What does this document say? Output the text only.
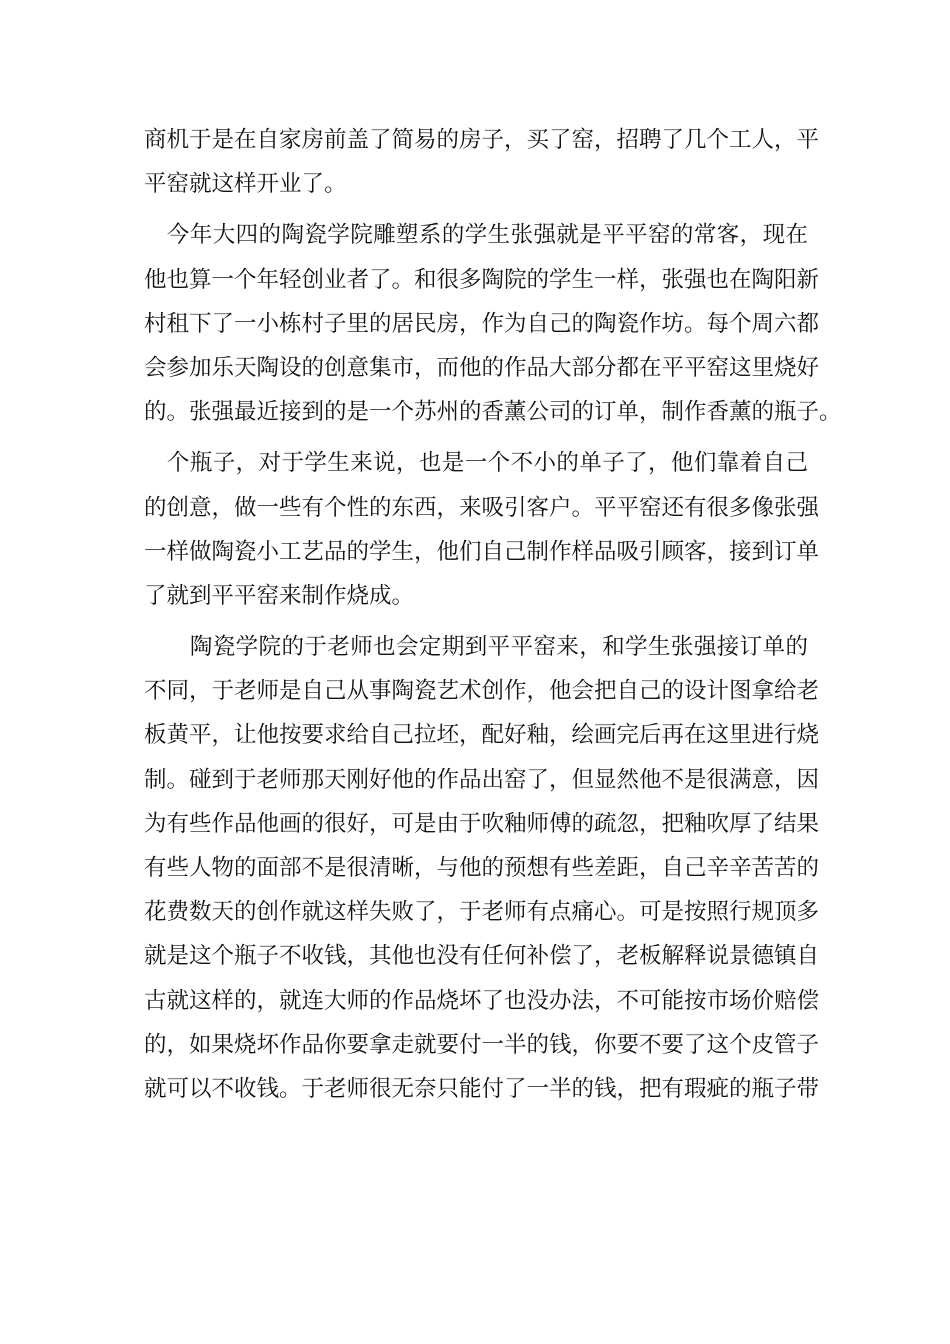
商机于是在自家房前盖了简易的房子，买了窑，招聘了几个工人，平
平窑就这样开业了。
　今年大四的陶瓷学院雕塑系的学生张强就是平平窑的常客，现在
他也算一个年轻创业者了。和很多陶院的学生一样，张强也在陶阳新
村租下了一小栋村子里的居民房，作为自己的陶瓷作坊。每个周六都
会参加乐天陶设的创意集市，而他的作品大部分都在平平窑这里烧好
的。张强最近接到的是一个苏州的香薰公司的订单，制作香薰的瓶子。
　个瓶子，对于学生来说，也是一个不小的单子了，他们靠着自己
的创意，做一些有个性的东西，来吸引客户。平平窑还有很多像张强
一样做陶瓷小工艺品的学生，他们自己制作样品吸引顾客，接到订单
了就到平平窑来制作烧成。
　　陶瓷学院的于老师也会定期到平平窑来，和学生张强接订单的
不同，于老师是自己从事陶瓷艺术创作，他会把自己的设计图拿给老
板黄平，让他按要求给自己拉坯，配好釉，绘画完后再在这里进行烧
制。碰到于老师那天刚好他的作品出窑了，但显然他不是很满意，因
为有些作品他画的很好，可是由于吹釉师傅的疏忽，把釉吹厚了结果
有些人物的面部不是很清晰，与他的预想有些差距，自己辛辛苦苦的
花费数天的创作就这样失败了，于老师有点痛心。可是按照行规顶多
就是这个瓶子不收钱，其他也没有任何补偿了，老板解释说景德镇自
古就这样的，就连大师的作品烧坏了也没办法，不可能按市场价赔偿
的，如果烧坏作品你要拿走就要付一半的钱，你要不要了这个皮管子
就可以不收钱。于老师很无奈只能付了一半的钱，把有瑕疵的瓶子带
